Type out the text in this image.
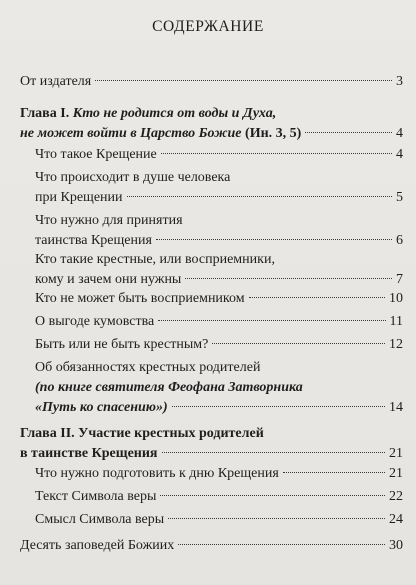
СОДЕРЖАНИЕ
От издателя	3
Глава I. Кто не родится от воды и Духа,
не может войти в Царство Божие (Ин. 3, 5)	4
Что такое Крещение	4
Что происходит в душе человека
при Крещении	5
Что нужно для принятия
таинства Крещения	6
Кто такие крестные, или восприемники,
кому и зачем они нужны	7
Кто не может быть восприемником	10
О выгоде кумовства	11
Быть или не быть крестным?	12
Об обязанностях крестных родителей
(по книге святителя Феофана Затворника
«Путь ко спасению»)	14
Глава II. Участие крестных родителей
в таинстве Крещения	21
Что нужно подготовить к дню Крещения	21
Текст Символа веры	22
Смысл Символа веры	24
Десять заповедей Божиих	30
